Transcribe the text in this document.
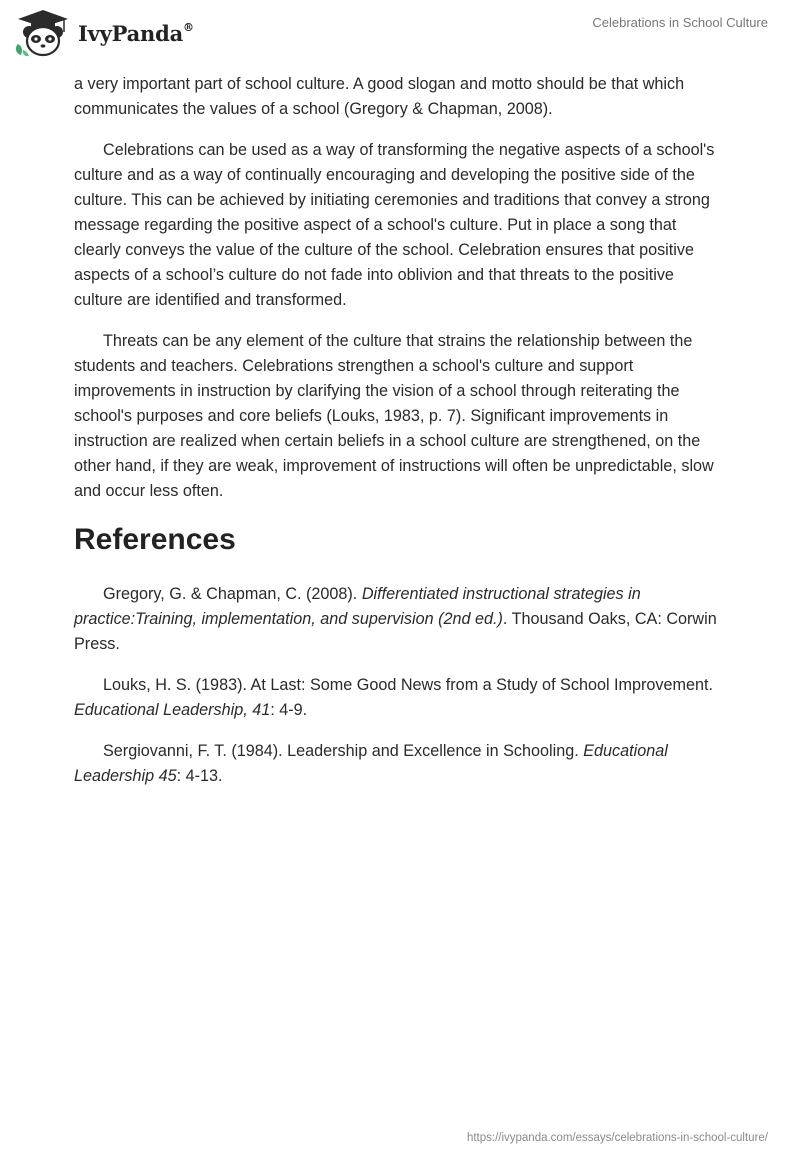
IvyPanda®	Celebrations in School Culture

a very important part of school culture. A good slogan and motto should be that which communicates the values of a school (Gregory & Chapman, 2008).

Celebrations can be used as a way of transforming the negative aspects of a school's culture and as a way of continually encouraging and developing the positive side of the culture. This can be achieved by initiating ceremonies and traditions that convey a strong message regarding the positive aspect of a school's culture. Put in place a song that clearly conveys the value of the culture of the school. Celebration ensures that positive aspects of a school’s culture do not fade into oblivion and that threats to the positive culture are identified and transformed.

Threats can be any element of the culture that strains the relationship between the students and teachers. Celebrations strengthen a school's culture and support improvements in instruction by clarifying the vision of a school through reiterating the school's purposes and core beliefs (Louks, 1983, p. 7). Significant improvements in instruction are realized when certain beliefs in a school culture are strengthened, on the other hand, if they are weak, improvement of instructions will often be unpredictable, slow and occur less often.

References

Gregory, G. & Chapman, C. (2008). Differentiated instructional strategies in practice:Training, implementation, and supervision (2nd ed.). Thousand Oaks, CA: Corwin Press.

Louks, H. S. (1983). At Last: Some Good News from a Study of School Improvement. Educational Leadership, 41: 4-9.

Sergiovanni, F. T. (1984). Leadership and Excellence in Schooling. Educational Leadership 45: 4-13.

https://ivypanda.com/essays/celebrations-in-school-culture/
